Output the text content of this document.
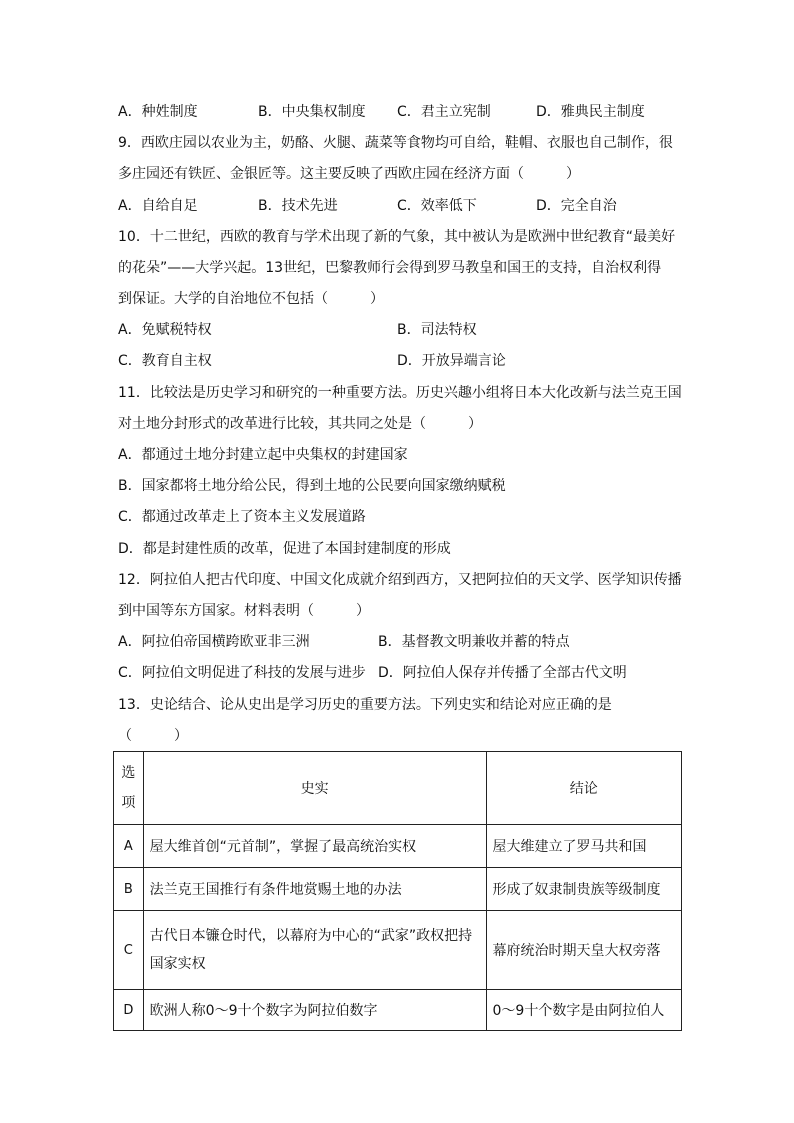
A．种姓制度	B．中央集权制度 C．君主立宪制	D．雅典民主制度
9．西欧庄园以农业为主，奶酪、火腿、蔬菜等食物均可自给，鞋帽、衣服也自己制作，很
多庄园还有铁匠、金银匠等。这主要反映了西欧庄园在经济方面（　　　）
A．自给自足	B．技术先进	C．效率低下	D．完全自治
10．十二世纪，西欧的教育与学术出现了新的气象，其中被认为是欧洲中世纪教育“最美好
的花朵”——大学兴起。13世纪，巴黎教师行会得到罗马教皇和国王的支持，自治权利得
到保证。大学的自治地位不包括（　　　）
A．免赋税特权	B．司法特权
C．教育自主权	D．开放异端言论
11．比较法是历史学习和研究的一种重要方法。历史兴趣小组将日本大化改新与法兰克王国
对土地分封形式的改革进行比较，其共同之处是（　　　）
A．都通过土地分封建立起中央集权的封建国家
B．国家都将土地分给公民，得到土地的公民要向国家缴纳赋税
C．都通过改革走上了资本主义发展道路
D．都是封建性质的改革，促进了本国封建制度的形成
12．阿拉伯人把古代印度、中国文化成就介绍到西方，又把阿拉伯的天文学、医学知识传播
到中国等东方国家。材料表明（　　　）
A．阿拉伯帝国横跨欧亚非三洲	B．基督教文明兼收并蓄的特点
C．阿拉伯文明促进了科技的发展与进步 D．阿拉伯人保存并传播了全部古代文明
13．史论结合、论从史出是学习历史的重要方法。下列史实和结论对应正确的是
（　　　）
选项	史实	结论
A	屋大维首创“元首制”，掌握了最高统治实权	屋大维建立了罗马共和国
B	法兰克王国推行有条件地赏赐土地的办法	形成了奴隶制贵族等级制度
C	古代日本镰仓时代，以幕府为中心的“武家”政权把持国家实权	幕府统治时期天皇大权旁落
D	欧洲人称0～9十个数字为阿拉伯数字	0～9十个数字是由阿拉伯人
